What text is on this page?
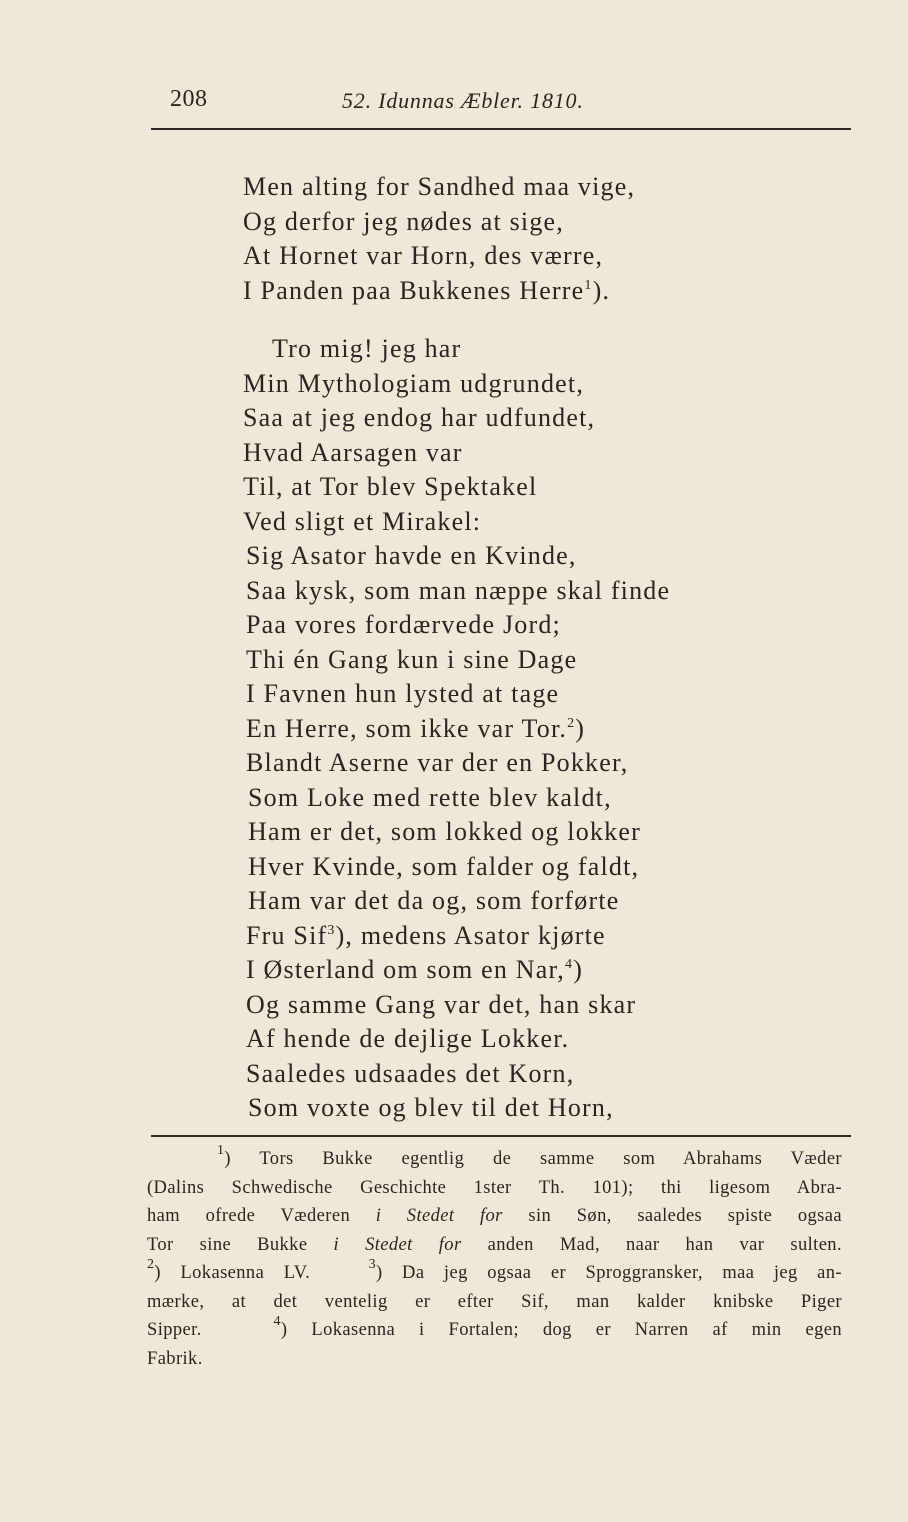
208	52. Idunnas Æbler. 1810.
Men alting for Sandhed maa vige,
Og derfor jeg nødes at sige,
At Hornet var Horn, des værre,
I Panden paa Bukkenes Herre$^1$).
Tro mig! jeg har
Min Mythologiam udgrundet,
Saa at jeg endog har udfundet,
Hvad Aarsagen var
Til, at Tor blev Spektakel
Ved sligt et Mirakel:
Sig Asator havde en Kvinde,
Saa kysk, som man næppe skal finde
Paa vores fordærvede Jord;
Thi én Gang kun i sine Dage
I Favnen hun lysted at tage
En Herre, som ikke var Tor.$^2$)
Blandt Aserne var der en Pokker,
Som Loke med rette blev kaldt,
Ham er det, som lokked og lokker
Hver Kvinde, som falder og faldt,
Ham var det da og, som forførte
Fru Sif$^3$), medens Asator kjørte
I Østerland om som en Nar,$^4$)
Og samme Gang var det, han skar
Af hende de dejlige Lokker.
Saaledes udsaades det Korn,
Som voxte og blev til det Horn,
$^1$) Tors Bukke egentlig de samme som Abrahams Væder
(Dalins Schwedische Geschichte 1ster Th. 101); thi ligesom Abra-
ham ofrede Væderen i Stedet for sin Søn, saaledes spiste ogsaa
Tor sine Bukke i Stedet for anden Mad, naar han var sulten.
$^2$) Lokasenna LV.	$^3$) Da jeg ogsaa er Sproggransker, maa jeg an-
mærke, at det ventelig er efter Sif, man kalder knibske Piger
Sipper.	$^4$) Lokasenna i Fortalen; dog er Narren af min egen
Fabrik.
